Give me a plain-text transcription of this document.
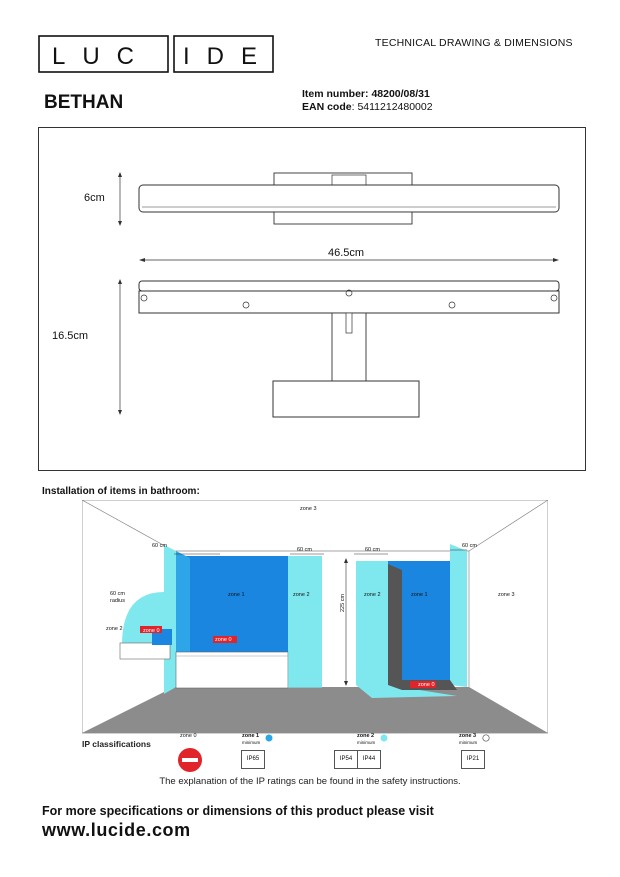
LUC IDE	TECHNICAL DRAWING & DIMENSIONS
BETHAN	Item number: 48200/08/31
EAN code: 5411212480002
6cm
46.5cm
16.5cm
Installation of items in bathroom:
zone 3
60 cm
60 cm	60 cm
60 cm
60 cm
radius
zone 2	zone 0
zone 1	zone 2
zone 0
225 cm	zone 2	zone 1
zone 0
zone 3
IP classifications
zone 0	zone 1
minimum
IP65
zone 2
minimum
IP54	IP44
zone 3
minimum
IP21
The explanation of the IP ratings can be found in the safety instructions.
For more specifications or dimensions of this product please visit
www.lucide.com
